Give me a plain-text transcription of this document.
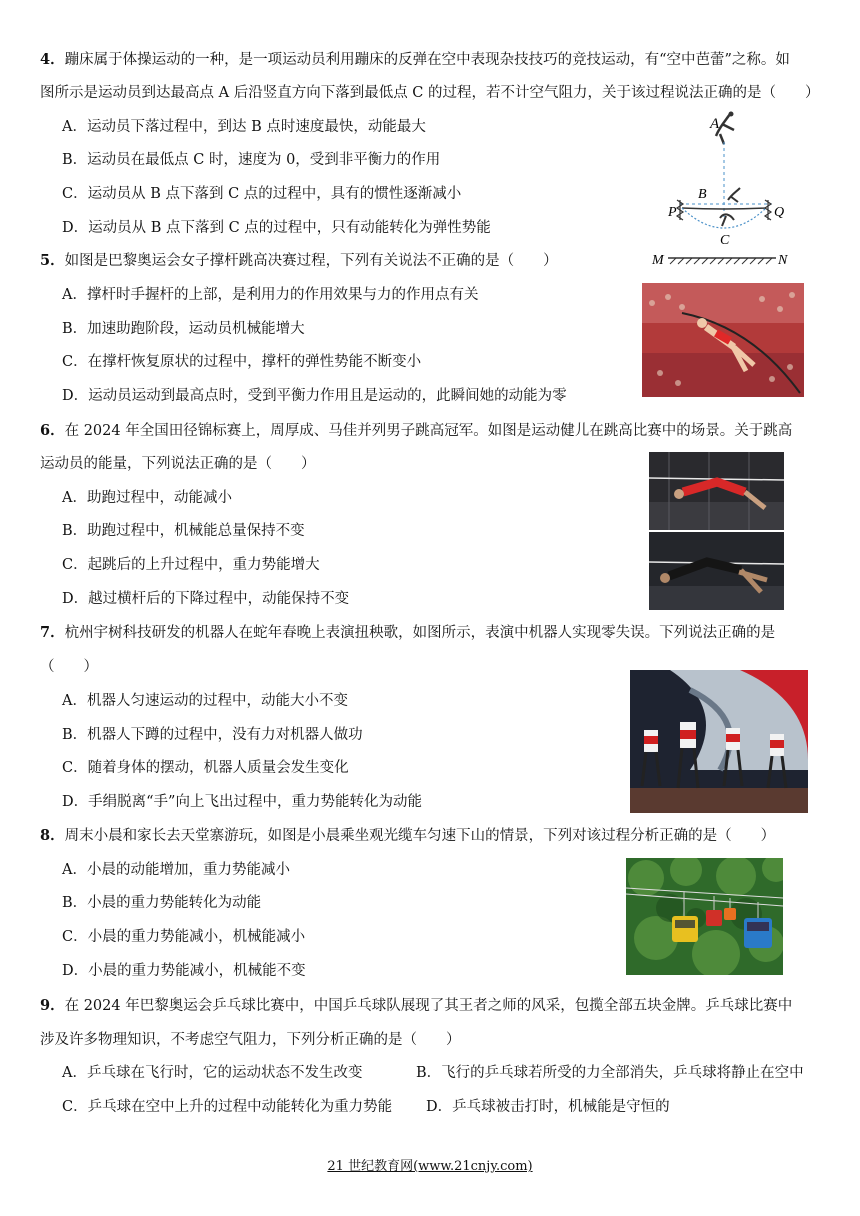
4．蹦床属于体操运动的一种，是一项运动员利用蹦床的反弹在空中表现杂技技巧的竞技运动，有“空中芭蕾”之称。如
图所示是运动员到达最高点 A 后沿竖直方向下落到最低点 C 的过程，若不计空气阻力，关于该过程说法正确的是（　　）
A．运动员下落过程中，到达 B 点时速度最快，动能最大
B．运动员在最低点 C 时，速度为 0，受到非平衡力的作用
C．运动员从 B 点下落到 C 点的过程中，具有的惯性逐渐减小
D．运动员从 B 点下落到 C 点的过程中，只有动能转化为弹性势能
A
B
P	Q
C
M	N
5．如图是巴黎奥运会女子撑杆跳高决赛过程，下列有关说法不正确的是（　　）
A．撑杆时手握杆的上部，是利用力的作用效果与力的作用点有关
B．加速助跑阶段，运动员机械能增大
C．在撑杆恢复原状的过程中，撑杆的弹性势能不断变小
D．运动员运动到最高点时，受到平衡力作用且是运动的，此瞬间她的动能为零
6．在 2024 年全国田径锦标赛上，周厚成、马佳并列男子跳高冠军。如图是运动健儿在跳高比赛中的场景。关于跳高
运动员的能量，下列说法正确的是（　　）
A．助跑过程中，动能减小
B．助跑过程中，机械能总量保持不变
C．起跳后的上升过程中，重力势能增大
D．越过横杆后的下降过程中，动能保持不变
7．杭州宇树科技研发的机器人在蛇年春晚上表演扭秧歌，如图所示，表演中机器人实现零失误。下列说法正确的是
（　　）
A．机器人匀速运动的过程中，动能大小不变
B．机器人下蹲的过程中，没有力对机器人做功
C．随着身体的摆动，机器人质量会发生变化
D．手绢脱离“手”向上飞出过程中，重力势能转化为动能
8．周末小晨和家长去天堂寨游玩，如图是小晨乘坐观光缆车匀速下山的情景，下列对该过程分析正确的是（　　）
A．小晨的动能增加，重力势能减小
B．小晨的重力势能转化为动能
C．小晨的重力势能减小，机械能减小
D．小晨的重力势能减小，机械能不变
9．在 2024 年巴黎奥运会乒乓球比赛中，中国乒乓球队展现了其王者之师的风采，包揽全部五块金牌。乒乓球比赛中
涉及许多物理知识，不考虑空气阻力，下列分析正确的是（　　）
A．乒乓球在飞行时，它的运动状态不发生改变	B．飞行的乒乓球若所受的力全部消失，乒乓球将静止在空中
C．乒乓球在空中上升的过程中动能转化为重力势能 D．乒乓球被击打时，机械能是守恒的
21 世纪教育网(www.21cnjy.com)
